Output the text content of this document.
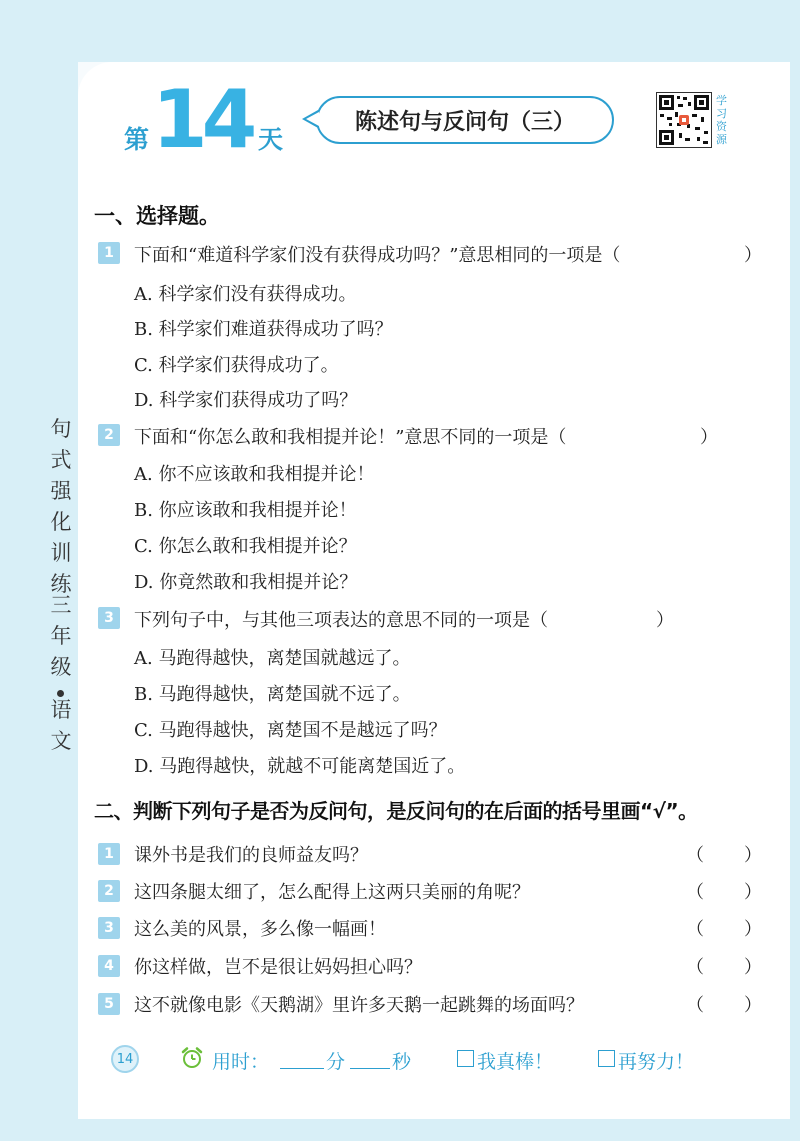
第 14 天
陈述句与反问句（三）
学习资源
句式强化训练
三年级
语文
一、选择题。
1	下面和“难道科学家们没有获得成功吗？”意思相同的一项是（	）
A. 科学家们没有获得成功。
B. 科学家们难道获得成功了吗？
C. 科学家们获得成功了。
D. 科学家们获得成功了吗？
2	下面和“你怎么敢和我相提并论！”意思不同的一项是（	）
A. 你不应该敢和我相提并论！
B. 你应该敢和我相提并论！
C. 你怎么敢和我相提并论？
D. 你竟然敢和我相提并论？
3	下列句子中，与其他三项表达的意思不同的一项是（	）
A. 马跑得越快，离楚国就越远了。
B. 马跑得越快，离楚国就不远了。
C. 马跑得越快，离楚国不是越远了吗？
D. 马跑得越快，就越不可能离楚国近了。
二、判断下列句子是否为反问句，是反问句的在后面的括号里画“√”。
1	课外书是我们的良师益友吗？	（ ）
2	这四条腿太细了，怎么配得上这两只美丽的角呢？	（ ）
3	这么美的风景，多么像一幅画！	（ ）
4	你这样做，岂不是很让妈妈担心吗？	（ ）
5	这不就像电影《天鹅湖》里许多天鹅一起跳舞的场面吗？	（ ）
14	用时：	分 秒	我真棒！	再努力！
